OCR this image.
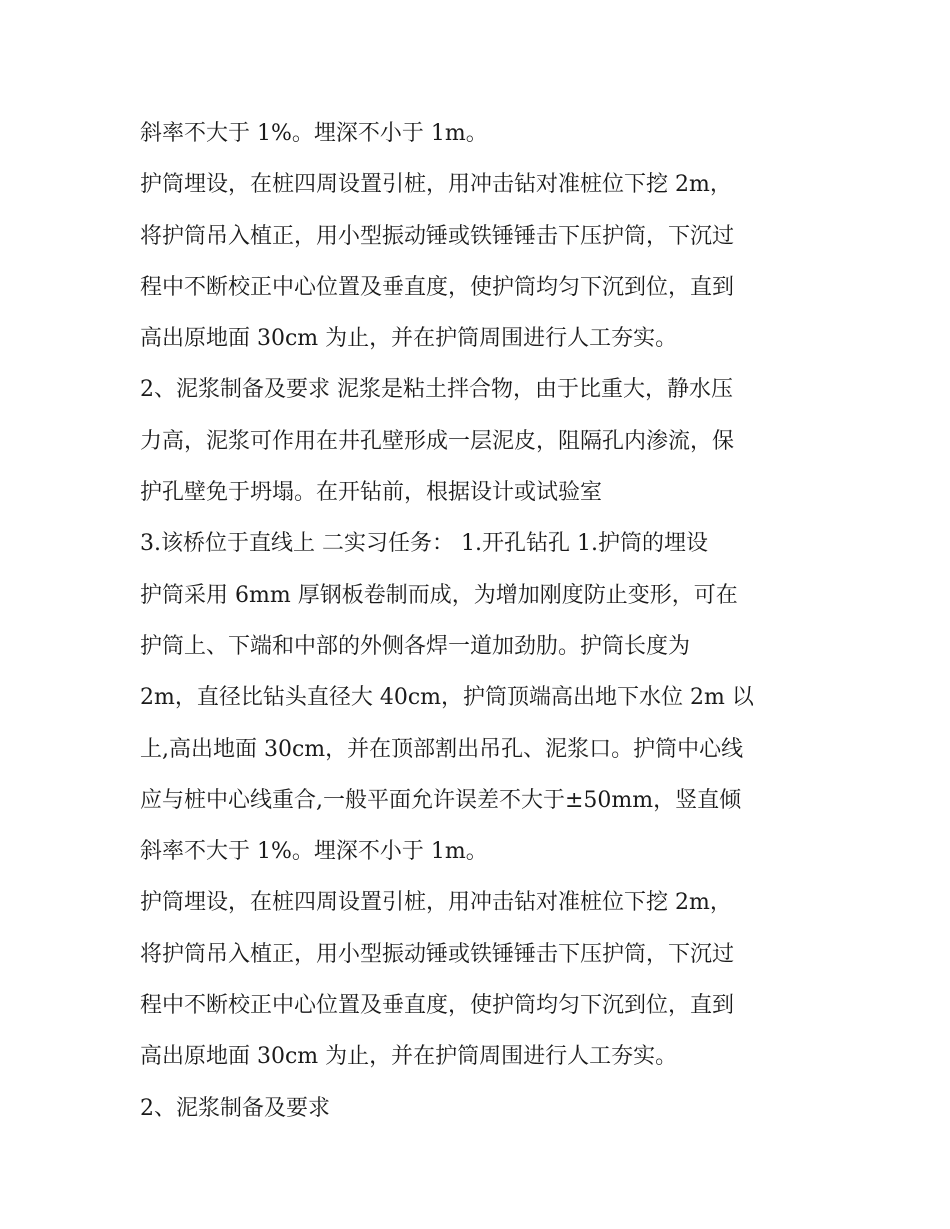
斜率不大于 1%。埋深不小于 1m。
护筒埋设，在桩四周设置引桩，用冲击钻对准桩位下挖 2m，
将护筒吊入植正，用小型振动锤或铁锤锤击下压护筒，下沉过
程中不断校正中心位置及垂直度，使护筒均匀下沉到位，直到
高出原地面 30cm 为止，并在护筒周围进行人工夯实。
2、泥浆制备及要求 泥浆是粘土拌合物，由于比重大，静水压
力高，泥浆可作用在井孔壁形成一层泥皮，阻隔孔内渗流，保
护孔壁免于坍塌。在开钻前，根据设计或试验室
3.该桥位于直线上 二实习任务： 1.开孔钻孔 1.护筒的埋设
护筒采用 6mm 厚钢板卷制而成，为增加刚度防止变形，可在
护筒上、下端和中部的外侧各焊一道加劲肋。护筒长度为
2m，直径比钻头直径大 40cm，护筒顶端高出地下水位 2m 以
上,高出地面 30cm，并在顶部割出吊孔、泥浆口。护筒中心线
应与桩中心线重合,一般平面允许误差不大于±50mm，竖直倾
斜率不大于 1%。埋深不小于 1m。
护筒埋设，在桩四周设置引桩，用冲击钻对准桩位下挖 2m，
将护筒吊入植正，用小型振动锤或铁锤锤击下压护筒，下沉过
程中不断校正中心位置及垂直度，使护筒均匀下沉到位，直到
高出原地面 30cm 为止，并在护筒周围进行人工夯实。
2、泥浆制备及要求
